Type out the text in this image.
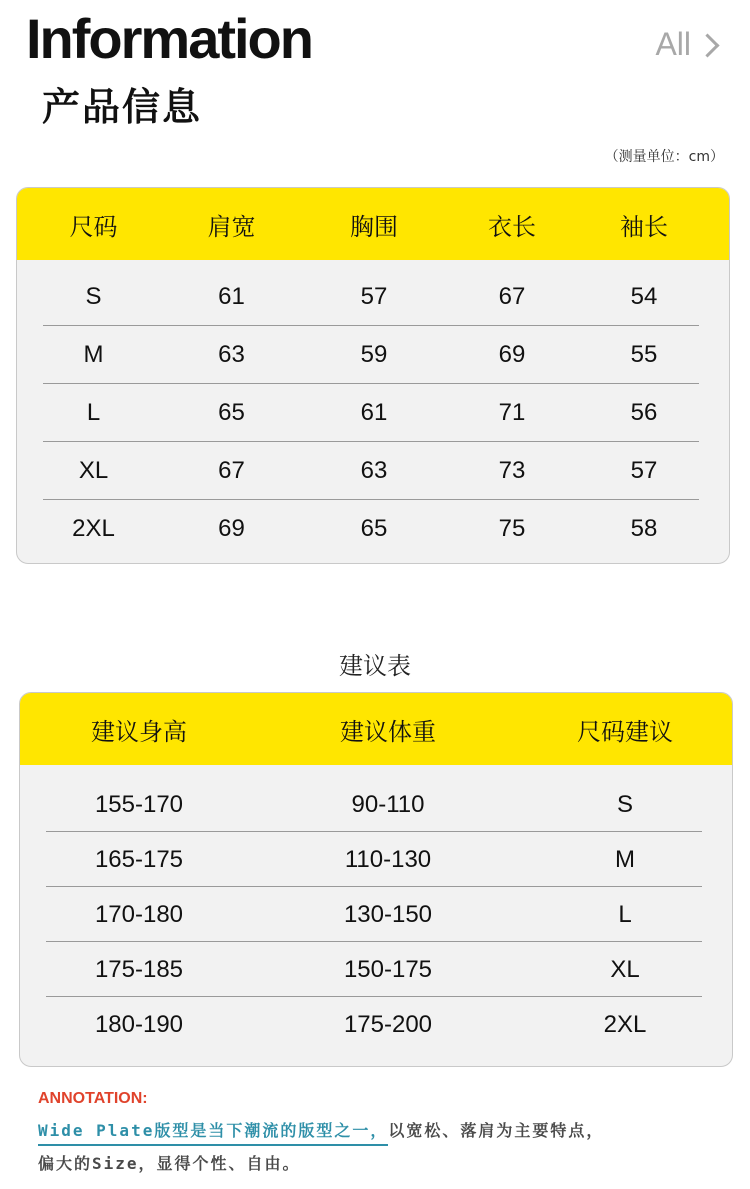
Information
产品信息
All
（测量单位：cm）
尺码	肩宽	胸围	衣长	袖长
S	61	57	67	54
M	63	59	69	55
L	65	61	71	56
XL	67	63	73	57
2XL	69	65	75	58
建议表
建议身高	建议体重	尺码建议
155-170	90-110	S
165-175	110-130	M
170-180	130-150	L
175-185	150-175	XL
180-190	175-200	2XL
ANNOTATION:
Wide Plate版型是当下潮流的版型之一，以宽松、落肩为主要特点，
偏大的Size，显得个性、自由。
